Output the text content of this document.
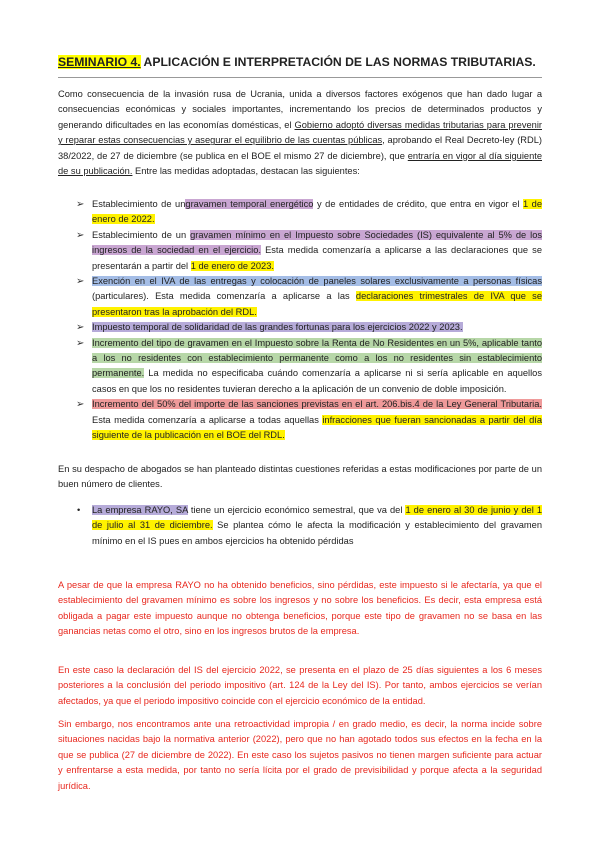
SEMINARIO 4. APLICACIÓN E INTERPRETACIÓN DE LAS NORMAS TRIBUTARIAS.
Como consecuencia de la invasión rusa de Ucrania, unida a diversos factores exógenos que han dado lugar a consecuencias económicas y sociales importantes, incrementando los precios de determinados productos y generando dificultades en las economías domésticas, el Gobierno adoptó diversas medidas tributarias para prevenir y reparar estas consecuencias y asegurar el equilibrio de las cuentas públicas, aprobando el Real Decreto-ley (RDL) 38/2022, de 27 de diciembre (se publica en el BOE el mismo 27 de diciembre), que entraría en vigor al día siguiente de su publicación. Entre las medidas adoptadas, destacan las siguientes:
➢ Establecimiento de ungravamen temporal energético y de entidades de crédito, que entra en vigor el 1 de enero de 2022.
➢ Establecimiento de un gravamen mínimo en el Impuesto sobre Sociedades (IS) equivalente al 5% de los ingresos de la sociedad en el ejercicio. Esta medida comenzaría a aplicarse a las declaraciones que se presentarán a partir del 1 de enero de 2023.
➢ Exención en el IVA de las entregas y colocación de paneles solares exclusivamente a personas físicas (particulares). Esta medida comenzaría a aplicarse a las declaraciones trimestrales de IVA que se presentaron tras la aprobación del RDL.
➢ Impuesto temporal de solidaridad de las grandes fortunas para los ejercicios 2022 y 2023.
➢ Incremento del tipo de gravamen en el Impuesto sobre la Renta de No Residentes en un 5%, aplicable tanto a los no residentes con establecimiento permanente como a los no residentes sin establecimiento permanente. La medida no especificaba cuándo comenzaría a aplicarse ni si sería aplicable en aquellos casos en que los no residentes tuvieran derecho a la aplicación de un convenio de doble imposición.
➢ Incremento del 50% del importe de las sanciones previstas en el art. 206.bis.4 de la Ley General Tributaria. Esta medida comenzaría a aplicarse a todas aquellas infracciones que fueran sancionadas a partir del día siguiente de la publicación en el BOE del RDL.
En su despacho de abogados se han planteado distintas cuestiones referidas a estas modificaciones por parte de un buen número de clientes.
•	La empresa RAYO, SA tiene un ejercicio económico semestral, que va del 1 de enero al 30 de junio y del 1 de julio al 31 de diciembre. Se plantea cómo le afecta la modificación y establecimiento del gravamen mínimo en el IS pues en ambos ejercicios ha obtenido pérdidas
A pesar de que la empresa RAYO no ha obtenido beneficios, sino pérdidas, este impuesto si le afectaría, ya que el establecimiento del gravamen mínimo es sobre los ingresos y no sobre los beneficios. Es decir, esta empresa está obligada a pagar este impuesto aunque no obtenga beneficios, porque este tipo de gravamen no se basa en las ganancias netas como el otro, sino en los ingresos brutos de la empresa.
En este caso la declaración del IS del ejercicio 2022, se presenta en el plazo de 25 días siguientes a los 6 meses posteriores a la conclusión del periodo impositivo (art. 124 de la Ley del IS). Por tanto, ambos ejercicios se verían afectados, ya que el periodo impositivo coincide con el ejercicio económico de la entidad.
Sin embargo, nos encontramos ante una retroactividad impropia / en grado medio, es decir, la norma incide sobre situaciones nacidas bajo la normativa anterior (2022), pero que no han agotado todos sus efectos en la fecha en la que se publica (27 de diciembre de 2022). En este caso los sujetos pasivos no tienen margen suficiente para actuar y enfrentarse a esta medida, por tanto no sería lícita por el grado de previsibilidad y porque afecta a la seguridad jurídica.
